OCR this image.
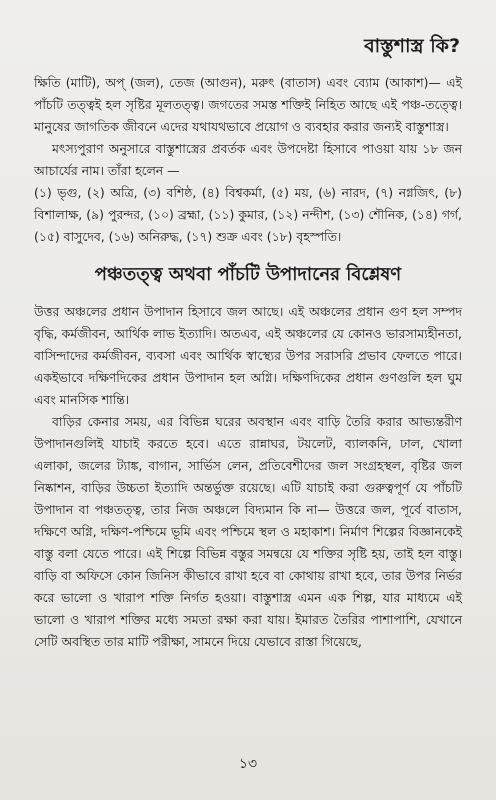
বাস্তুশাস্ত্র কি?

ক্ষিতি (মাটি), অপ্ (জল), তেজ (আগুন), মরুৎ (বাতাস) এবং ব্যোম (আকাশ)— এই পাঁচটি তত্ত্বই হল সৃষ্টির মূলতত্ত্ব। জগতের সমস্ত শক্তিই নিহিত আছে এই পঞ্চ-তত্ত্বে। মানুষের জাগতিক জীবনে এদের যথাযথভাবে প্রয়োগ ও ব্যবহার করার জন্যই বাস্তুশাস্ত্র।

মৎস্যপুরাণ অনুসারে বাস্তুশাস্ত্রের প্রবর্তক এবং উপদেষ্টা হিসাবে পাওয়া যায় ১৮ জন আচার্যের নাম। তাঁরা হলেন —

(১) ভৃগু, (২) অত্রি, (৩) বশিষ্ঠ, (৪) বিশ্বকর্মা, (৫) ময়, (৬) নারদ, (৭) নগ্নজিৎ, (৮) বিশালাক্ষ, (৯) পুরন্দর, (১০) ব্রহ্মা, (১১) কুমার, (১২) নন্দীশ, (১৩) শৌনিক, (১৪) গর্গ, (১৫) বাসুদেব, (১৬) অনিরুদ্ধ, (১৭) শুক্র এবং (১৮) বৃহস্পতি।

পঞ্চতত্ত্ব অথবা পাঁচটি উপাদানের বিশ্লেষণ

উত্তর অঞ্চলের প্রধান উপাদান হিসাবে জল আছে। এই অঞ্চলের প্রধান গুণ হল সম্পদ বৃদ্ধি, কর্মজীবন, আর্থিক লাভ ইত্যাদি। অতএব, এই অঞ্চলের যে কোনও ভারসাম্যহীনতা, বাসিন্দাদের কর্মজীবন, ব্যবসা এবং আর্থিক স্বাস্থ্যের উপর সরাসরি প্রভাব ফেলতে পারে। একইভাবে দক্ষিণদিকের প্রধান উপাদান হল অগ্নি। দক্ষিণদিকের প্রধান গুণগুলি হল ঘুম এবং মানসিক শান্তি।

বাড়ির কেনার সময়, এর বিভিন্ন ঘরের অবস্থান এবং বাড়ি তৈরি করার আভ্যন্তরীণ উপাদানগুলিই যাচাই করতে হবে। এতে রান্নাঘর, টয়লেট, ব্যালকনি, ঢাল, খোলা এলাকা, জলের ট্যাঙ্ক, বাগান, সার্ভিস লেন, প্রতিবেশীদের জল সংগ্রহস্থল, বৃষ্টির জল নিষ্কাশন, বাড়ির উচ্চতা ইত্যাদি অন্তর্ভুক্ত রয়েছে। এটি যাচাই করা গুরুত্বপূর্ণ যে পাঁচটি উপাদান বা পঞ্চতত্ত্ব, তার নিজ অঞ্চলে বিদ্যমান কি না— উত্তরে জল, পূর্বে বাতাস, দক্ষিণে অগ্নি, দক্ষিণ-পশ্চিমে ভূমি এবং পশ্চিমে স্থল ও মহাকাশ। নির্মাণ শিল্পের বিজ্ঞানকেই বাস্তু বলা যেতে পারে। এই শিল্পে বিভিন্ন বস্তুর সমন্বয়ে যে শক্তির সৃষ্টি হয়, তাই হল বাস্তু। বাড়ি বা অফিসে কোন জিনিস কীভাবে রাখা হবে বা কোথায় রাখা হবে, তার উপর নির্ভর করে ভালো ও খারাপ শক্তি নির্গত হওয়া। বাস্তুশাস্ত্র এমন এক শিল্প, যার মাধ্যমে এই ভালো ও খারাপ শক্তির মধ্যে সমতা রক্ষা করা যায়। ইমারত তৈরির পাশাপাশি, যেখানে সেটি অবস্থিত তার মাটি পরীক্ষা, সামনে দিয়ে যেভাবে রাস্তা গিয়েছে,

১৩
